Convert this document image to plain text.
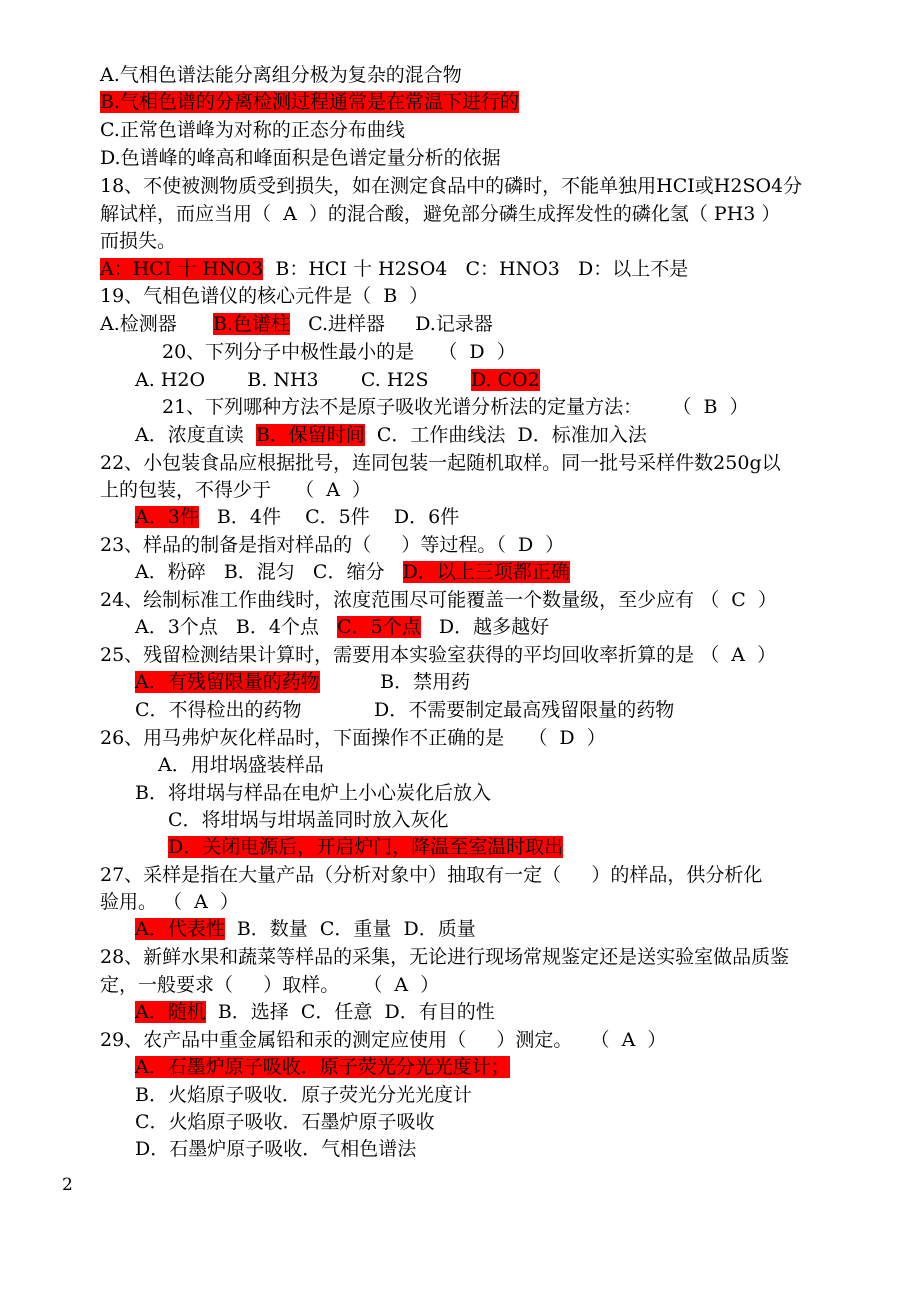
A.气相色谱法能分离组分极为复杂的混合物
B.气相色谱的分离检测过程通常是在常温下进行的
C.正常色谱峰为对称的正态分布曲线
D.色谱峰的峰高和峰面积是色谱定量分析的依据
18、不使被测物质受到损失，如在测定食品中的磷时，不能单独用HCI或H2SO4分
解试样，而应当用（  A  ）的混合酸，避免部分磷生成挥发性的磷化氢（ PH3 ）
而损失。
A：HCI 十 HNO3  B：HCI 十 H2SO4   C：HNO3   D：以上不是
19、气相色谱仪的核心元件是（  B  ）
A.检测器      B.色谱柱   C.进样器     D.记录器
20、下列分子中极性最小的是    （  D  ）
A. H2O       B. NH3       C. H2S       D. CO2
21、下列哪种方法不是原子吸收光谱分析法的定量方法：     （  B  ）
A．浓度直读  B．保留时间  C．工作曲线法  D．标准加入法
22、小包装食品应根据批号，连同包装一起随机取样。同一批号采样件数250g以
上的包装，不得少于    （  A  ）
A．3件   B．4件    C．5件    D．6件
23、样品的制备是指对样品的（     ）等过程。（  D  ）
A．粉碎   B．混匀   C．缩分   D．以上三项都正确
24、绘制标准工作曲线时，浓度范围尽可能覆盖一个数量级，至少应有 （  C  ）
A．3个点   B．4个点   C．5个点   D．越多越好
25、残留检测结果计算时，需要用本实验室获得的平均回收率折算的是 （  A  ）
A．有残留限量的药物          B．禁用药
C．不得检出的药物            D．不需要制定最高残留限量的药物
26、用马弗炉灰化样品时，下面操作不正确的是    （  D  ）
A．用坩埚盛装样品
B．将坩埚与样品在电炉上小心炭化后放入
C．将坩埚与坩埚盖同时放入灰化
D．关闭电源后，开启炉门，降温至室温时取出
27、采样是指在大量产品（分析对象中）抽取有一定（     ）的样品，供分析化
验用。 （  A  ）
A．代表性  B．数量  C．重量  D．质量
28、新鲜水果和蔬菜等样品的采集，无论进行现场常规鉴定还是送实验室做品质鉴
定，一般要求（     ）取样。    （  A  ）
A．随机  B．选择  C．任意  D．有目的性
29、农产品中重金属铅和汞的测定应使用（     ）测定。   （  A  ）
A．石墨炉原子吸收．原子荧光分光光度计；
B．火焰原子吸收．原子荧光分光光度计
C．火焰原子吸收．石墨炉原子吸收
D．石墨炉原子吸收．气相色谱法
2
